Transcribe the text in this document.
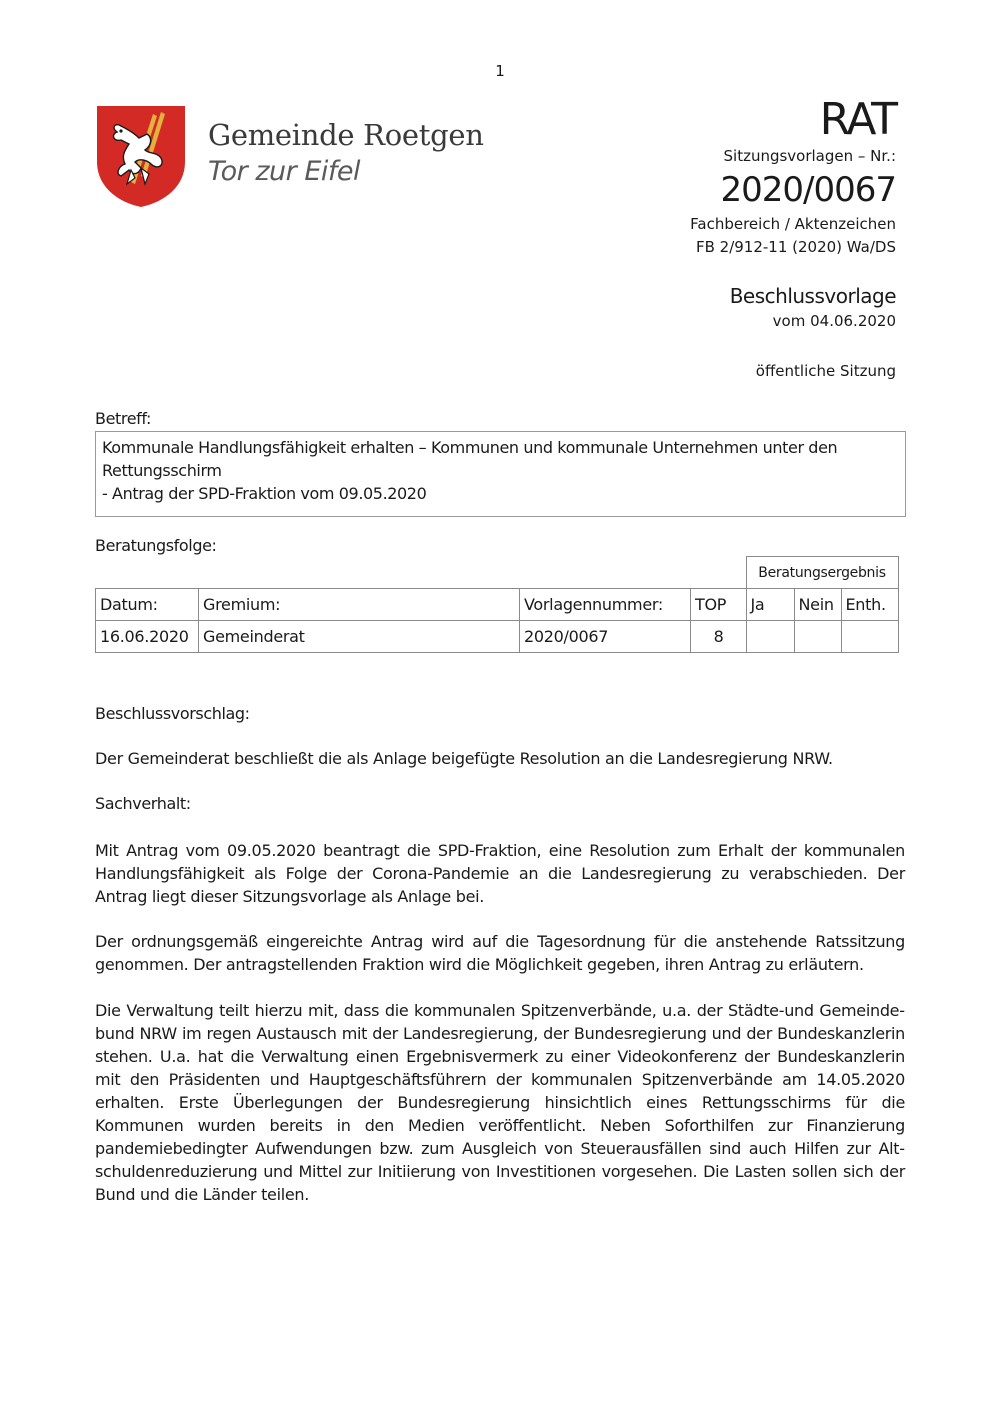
1
Gemeinde Roetgen
Tor zur Eifel
RAT
Sitzungsvorlagen – Nr.:
2020/0067
Fachbereich / Aktenzeichen
FB 2/912-11 (2020) Wa/DS
Beschlussvorlage
vom 04.06.2020
öffentliche Sitzung
Betreff:
Kommunale Handlungsfähigkeit erhalten – Kommunen und kommunale Unternehmen unter den
Rettungsschirm
- Antrag der SPD-Fraktion vom 09.05.2020
Beratungsfolge:
				Beratungsergebnis		
Datum:	Gremium:	Vorlagennummer:	TOP	Ja	Nein	Enth.
16.06.2020	Gemeinderat	2020/0067	8			
Beschlussvorschlag:
Der Gemeinderat beschließt die als Anlage beigefügte Resolution an die Landesregierung NRW.
Sachverhalt:
Mit Antrag vom 09.05.2020 beantragt die SPD-Fraktion, eine Resolution zum Erhalt der kommunalen Handlungsfähigkeit als Folge der Corona-Pandemie an die Landesregierung zu verabschieden. Der Antrag liegt dieser Sitzungsvorlage als Anlage bei.
Der ordnungsgemäß eingereichte Antrag wird auf die Tagesordnung für die anstehende Ratssitzung genommen. Der antragstellenden Fraktion wird die Möglichkeit gegeben, ihren Antrag zu erläutern.
Die Verwaltung teilt hierzu mit, dass die kommunalen Spitzenverbände, u.a. der Städte-und Gemeindebund NRW im regen Austausch mit der Landesregierung, der Bundesregierung und der Bundeskanzlerin stehen. U.a. hat die Verwaltung einen Ergebnisvermerk zu einer Videokonferenz der Bundeskanzlerin mit den Präsidenten und Hauptgeschäftsführern der kommunalen Spitzenverbände am 14.05.2020 erhalten. Erste Überlegungen der Bundesregierung hinsichtlich eines Rettungsschirms für die Kommunen wurden bereits in den Medien veröffentlicht. Neben Soforthilfen zur Finanzierung pandemiebedingter Aufwendungen bzw. zum Ausgleich von Steuerausfällen sind auch Hilfen zur Altschuldenreduzierung und Mittel zur Initiierung von Investitionen vorgesehen. Die Lasten sollen sich der Bund und die Länder teilen.
